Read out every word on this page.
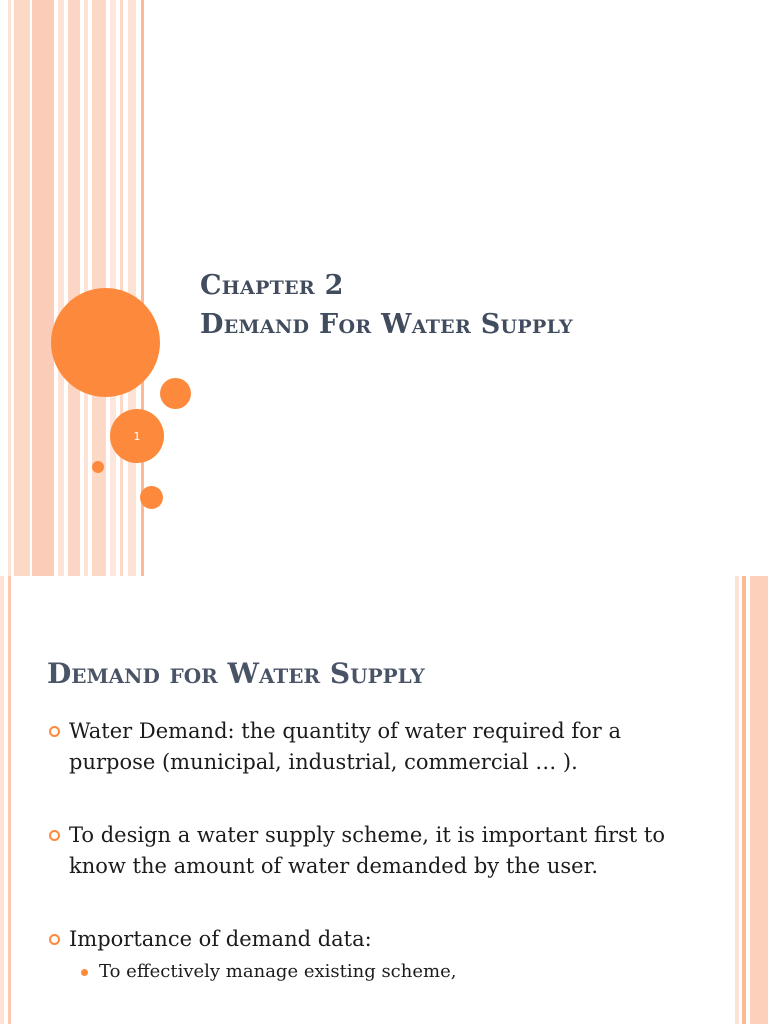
1
Chapter 2
Demand For Water Supply
Demand for Water Supply
Water Demand: the quantity of water required for a purpose (municipal, industrial, commercial … ).
To design a water supply scheme, it is important first to know the amount of water demanded by the user.
Importance of demand data:
To effectively manage existing scheme,
